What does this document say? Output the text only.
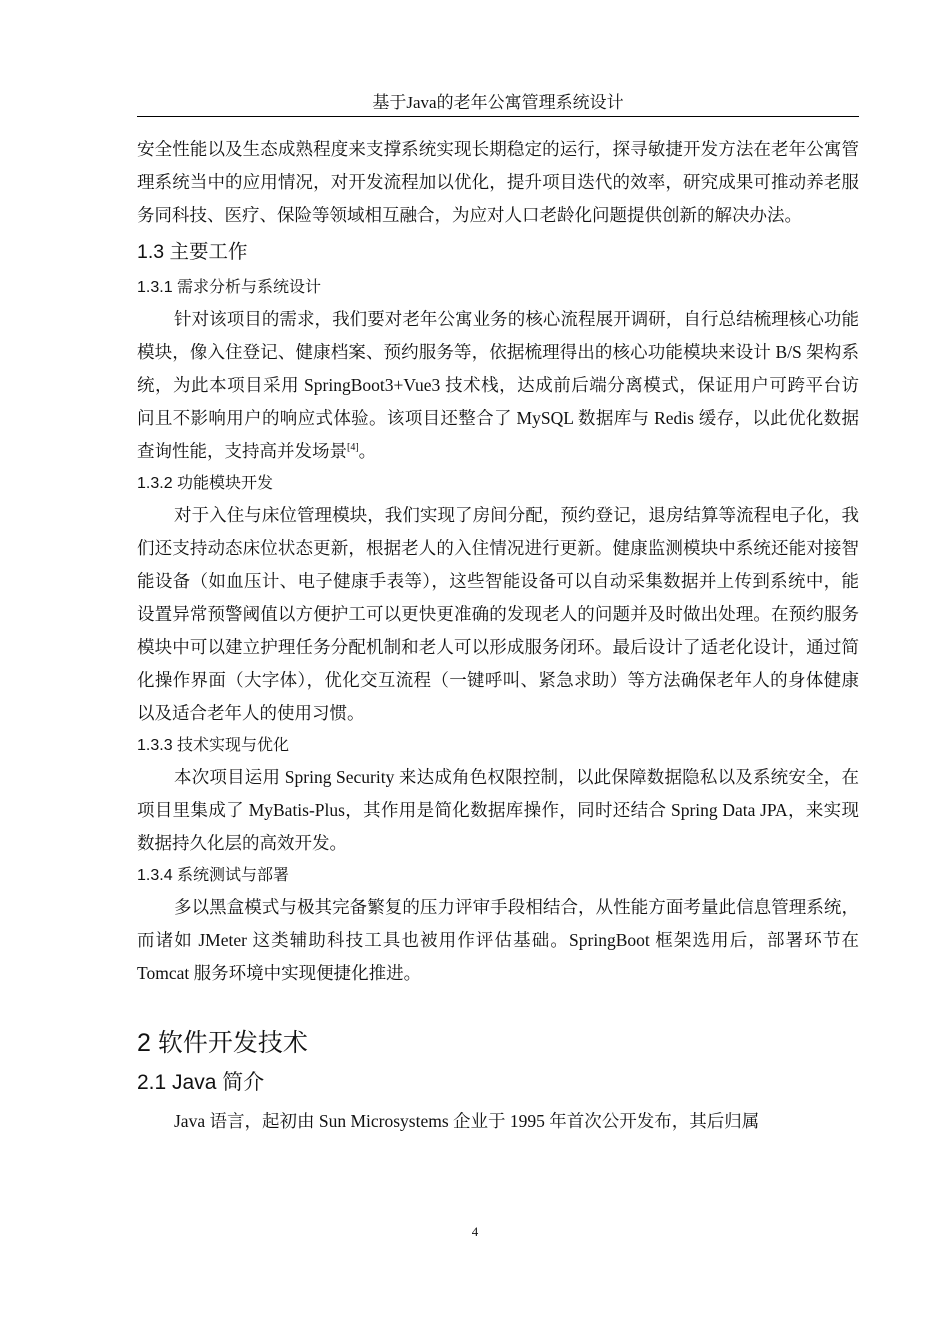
基于Java的老年公寓管理系统设计

安全性能以及生态成熟程度来支撑系统实现长期稳定的运行，探寻敏捷开发方法在老年公寓管理系统当中的应用情况，对开发流程加以优化，提升项目迭代的效率，研究成果可推动养老服务同科技、医疗、保险等领域相互融合，为应对人口老龄化问题提供创新的解决办法。

1.3 主要工作
1.3.1 需求分析与系统设计

针对该项目的需求，我们要对老年公寓业务的核心流程展开调研，自行总结梳理核心功能模块，像入住登记、健康档案、预约服务等，依据梳理得出的核心功能模块来设计 B/S 架构系统，为此本项目采用 SpringBoot3+Vue3 技术栈，达成前后端分离模式，保证用户可跨平台访问且不影响用户的响应式体验。该项目还整合了 MySQL 数据库与 Redis 缓存，以此优化数据查询性能，支持高并发场景[4]。

1.3.2 功能模块开发

对于入住与床位管理模块，我们实现了房间分配，预约登记，退房结算等流程电子化，我们还支持动态床位状态更新，根据老人的入住情况进行更新。健康监测模块中系统还能对接智能设备（如血压计、电子健康手表等），这些智能设备可以自动采集数据并上传到系统中，能设置异常预警阈值以方便护工可以更快更准确的发现老人的问题并及时做出处理。在预约服务模块中可以建立护理任务分配机制和老人可以形成服务闭环。最后设计了适老化设计，通过简化操作界面（大字体），优化交互流程（一键呼叫、紧急求助）等方法确保老年人的身体健康以及适合老年人的使用习惯。

1.3.3 技术实现与优化

本次项目运用 Spring Security 来达成角色权限控制，以此保障数据隐私以及系统安全，在项目里集成了 MyBatis-Plus，其作用是简化数据库操作，同时还结合 Spring Data JPA，来实现数据持久化层的高效开发。

1.3.4 系统测试与部署

多以黑盒模式与极其完备繁复的压力评审手段相结合，从性能方面考量此信息管理系统，而诸如 JMeter 这类辅助科技工具也被用作评估基础。SpringBoot 框架选用后，部署环节在 Tomcat 服务环境中实现便捷化推进。

2 软件开发技术
2.1 Java 简介

Java 语言，起初由 Sun Microsystems 企业于 1995 年首次公开发布，其后归属

4
